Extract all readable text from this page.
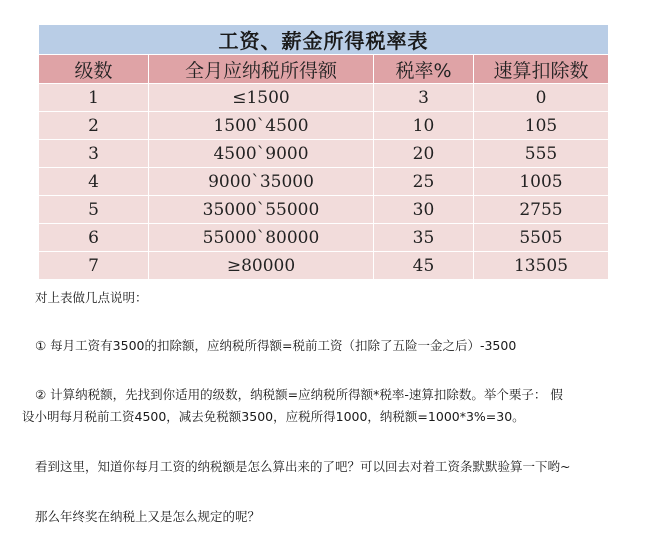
工资、薪金所得税率表			
级数	全月应纳税所得额	税率%	速算扣除数
1	≤1500	3	0
2	1500`4500	10	105
3	4500`9000	20	555
4	9000`35000	25	1005
5	35000`55000	30	2755
6	55000`80000	35	5505
7	≥80000	45	13505

对上表做几点说明：

① 每月工资有3500的扣除额，应纳税所得额=税前工资（扣除了五险一金之后）-3500

② 计算纳税额，先找到你适用的级数，纳税额=应纳税所得额*税率-速算扣除数。举个栗子： 假

设小明每月税前工资4500，减去免税额3500，应税所得1000，纳税额=1000*3%=30。

看到这里，知道你每月工资的纳税额是怎么算出来的了吧？可以回去对着工资条默默验算一下哟~

那么年终奖在纳税上又是怎么规定的呢？
